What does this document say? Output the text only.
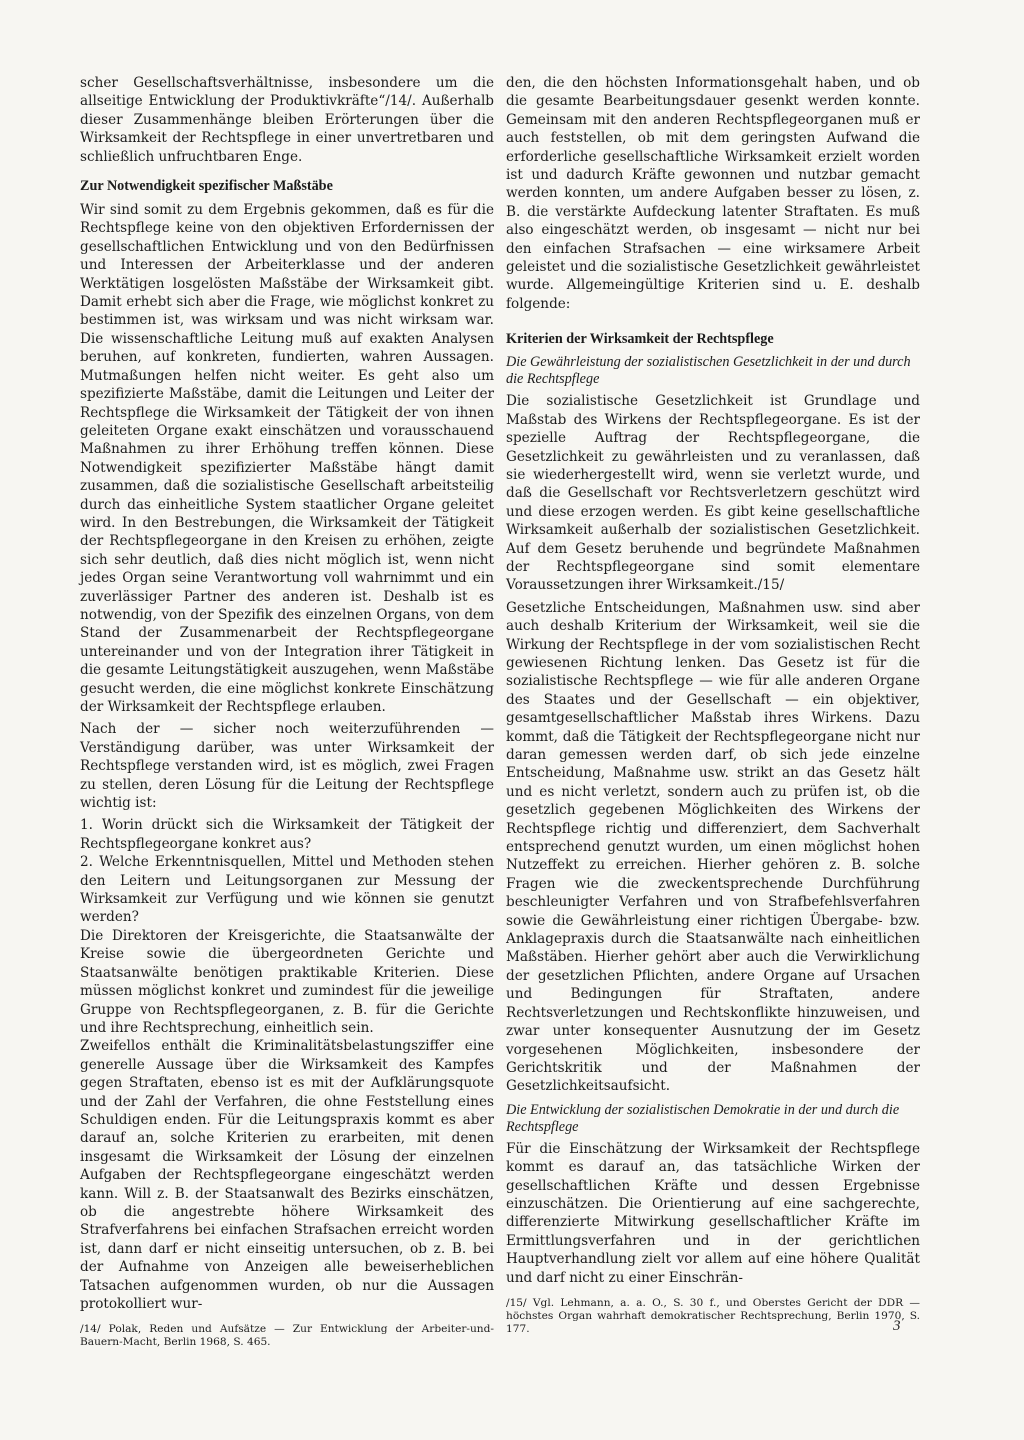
scher Gesellschaftsverhältnisse, insbesondere um die allseitige Entwicklung der Produktivkräfte“/14/. Außerhalb dieser Zusammenhänge bleiben Erörterungen über die Wirksamkeit der Rechtspflege in einer unvertretbaren und schließlich unfruchtbaren Enge.

Zur Notwendigkeit spezifischer Maßstäbe

Wir sind somit zu dem Ergebnis gekommen, daß es für die Rechtspflege keine von den objektiven Erfordernissen der gesellschaftlichen Entwicklung und von den Bedürfnissen und Interessen der Arbeiterklasse und der anderen Werktätigen losgelösten Maßstäbe der Wirksamkeit gibt. Damit erhebt sich aber die Frage, wie möglichst konkret zu bestimmen ist, was wirksam und was nicht wirksam war. Die wissenschaftliche Leitung muß auf exakten Analysen beruhen, auf konkreten, fundierten, wahren Aussagen. Mutmaßungen helfen nicht weiter. Es geht also um spezifizierte Maßstäbe, damit die Leitungen und Leiter der Rechtspflege die Wirksamkeit der Tätigkeit der von ihnen geleiteten Organe exakt einschätzen und vorausschauend Maßnahmen zu ihrer Erhöhung treffen können. Diese Notwendigkeit spezifizierter Maßstäbe hängt damit zusammen, daß die sozialistische Gesellschaft arbeitsteilig durch das einheitliche System staatlicher Organe geleitet wird. In den Bestrebungen, die Wirksamkeit der Tätigkeit der Rechtspflegeorgane in den Kreisen zu erhöhen, zeigte sich sehr deutlich, daß dies nicht möglich ist, wenn nicht jedes Organ seine Verantwortung voll wahrnimmt und ein zuverlässiger Partner des anderen ist. Deshalb ist es notwendig, von der Spezifik des einzelnen Organs, von dem Stand der Zusammenarbeit der Rechtspflegeorgane untereinander und von der Integration ihrer Tätigkeit in die gesamte Leitungstätigkeit auszugehen, wenn Maßstäbe gesucht werden, die eine möglichst konkrete Einschätzung der Wirksamkeit der Rechtspflege erlauben.

Nach der — sicher noch weiterzuführenden — Verständigung darüber, was unter Wirksamkeit der Rechtspflege verstanden wird, ist es möglich, zwei Fragen zu stellen, deren Lösung für die Leitung der Rechtspflege wichtig ist:

1. Worin drückt sich die Wirksamkeit der Tätigkeit der Rechtspflegeorgane konkret aus?

2. Welche Erkenntnisquellen, Mittel und Methoden stehen den Leitern und Leitungsorganen zur Messung der Wirksamkeit zur Verfügung und wie können sie genutzt werden?

Die Direktoren der Kreisgerichte, die Staatsanwälte der Kreise sowie die übergeordneten Gerichte und Staatsanwälte benötigen praktikable Kriterien. Diese müssen möglichst konkret und zumindest für die jeweilige Gruppe von Rechtspflegeorganen, z. B. für die Gerichte und ihre Rechtsprechung, einheitlich sein.

Zweifellos enthält die Kriminalitätsbelastungsziffer eine generelle Aussage über die Wirksamkeit des Kampfes gegen Straftaten, ebenso ist es mit der Aufklärungsquote und der Zahl der Verfahren, die ohne Feststellung eines Schuldigen enden. Für die Leitungspraxis kommt es aber darauf an, solche Kriterien zu erarbeiten, mit denen insgesamt die Wirksamkeit der Lösung der einzelnen Aufgaben der Rechtspflegeorgane eingeschätzt werden kann. Will z. B. der Staatsanwalt des Bezirks einschätzen, ob die angestrebte höhere Wirksamkeit des Strafverfahrens bei einfachen Strafsachen erreicht worden ist, dann darf er nicht einseitig untersuchen, ob z. B. bei der Aufnahme von Anzeigen alle beweiserheblichen Tatsachen aufgenommen wurden, ob nur die Aussagen protokolliert wur-

/14/ Polak, Reden und Aufsätze — Zur Entwicklung der Arbeiter-und-Bauern-Macht, Berlin 1968, S. 465.

den, die den höchsten Informationsgehalt haben, und ob die gesamte Bearbeitungsdauer gesenkt werden konnte. Gemeinsam mit den anderen Rechtspflegeorganen muß er auch feststellen, ob mit dem geringsten Aufwand die erforderliche gesellschaftliche Wirksamkeit erzielt worden ist und dadurch Kräfte gewonnen und nutzbar gemacht werden konnten, um andere Aufgaben besser zu lösen, z. B. die verstärkte Aufdeckung latenter Straftaten. Es muß also eingeschätzt werden, ob insgesamt — nicht nur bei den einfachen Strafsachen — eine wirksamere Arbeit geleistet und die sozialistische Gesetzlichkeit gewährleistet wurde. Allgemeingültige Kriterien sind u. E. deshalb folgende:

Kriterien der Wirksamkeit der Rechtspflege
Die Gewährleistung der sozialistischen Gesetzlichkeit in der und durch die Rechtspflege

Die sozialistische Gesetzlichkeit ist Grundlage und Maßstab des Wirkens der Rechtspflegeorgane. Es ist der spezielle Auftrag der Rechtspflegeorgane, die Gesetzlichkeit zu gewährleisten und zu veranlassen, daß sie wiederhergestellt wird, wenn sie verletzt wurde, und daß die Gesellschaft vor Rechtsverletzern geschützt wird und diese erzogen werden. Es gibt keine gesellschaftliche Wirksamkeit außerhalb der sozialistischen Gesetzlichkeit. Auf dem Gesetz beruhende und begründete Maßnahmen der Rechtspflegeorgane sind somit elementare Voraussetzungen ihrer Wirksamkeit./15/

Gesetzliche Entscheidungen, Maßnahmen usw. sind aber auch deshalb Kriterium der Wirksamkeit, weil sie die Wirkung der Rechtspflege in der vom sozialistischen Recht gewiesenen Richtung lenken. Das Gesetz ist für die sozialistische Rechtspflege — wie für alle anderen Organe des Staates und der Gesellschaft — ein objektiver, gesamtgesellschaftlicher Maßstab ihres Wirkens. Dazu kommt, daß die Tätigkeit der Rechtspflegeorgane nicht nur daran gemessen werden darf, ob sich jede einzelne Entscheidung, Maßnahme usw. strikt an das Gesetz hält und es nicht verletzt, sondern auch zu prüfen ist, ob die gesetzlich gegebenen Möglichkeiten des Wirkens der Rechtspflege richtig und differenziert, dem Sachverhalt entsprechend genutzt wurden, um einen möglichst hohen Nutzeffekt zu erreichen. Hierher gehören z. B. solche Fragen wie die zweckentsprechende Durchführung beschleunigter Verfahren und von Strafbefehlsverfahren sowie die Gewährleistung einer richtigen Übergabe- bzw. Anklagepraxis durch die Staatsanwälte nach einheitlichen Maßstäben. Hierher gehört aber auch die Verwirklichung der gesetzlichen Pflichten, andere Organe auf Ursachen und Bedingungen für Straftaten, andere Rechtsverletzungen und Rechtskonflikte hinzuweisen, und zwar unter konsequenter Ausnutzung der im Gesetz vorgesehenen Möglichkeiten, insbesondere der Gerichtskritik und der Maßnahmen der Gesetzlichkeitsaufsicht.

Die Entwicklung der sozialistischen Demokratie in der und durch die Rechtspflege

Für die Einschätzung der Wirksamkeit der Rechtspflege kommt es darauf an, das tatsächliche Wirken der gesellschaftlichen Kräfte und dessen Ergebnisse einzuschätzen. Die Orientierung auf eine sachgerechte, differenzierte Mitwirkung gesellschaftlicher Kräfte im Ermittlungsverfahren und in der gerichtlichen Hauptverhandlung zielt vor allem auf eine höhere Qualität und darf nicht zu einer Einschrän-

/15/ Vgl. Lehmann, a. a. O., S. 30 f., und Oberstes Gericht der DDR — höchstes Organ wahrhaft demokratischer Rechtsprechung, Berlin 1970, S. 177.	3
